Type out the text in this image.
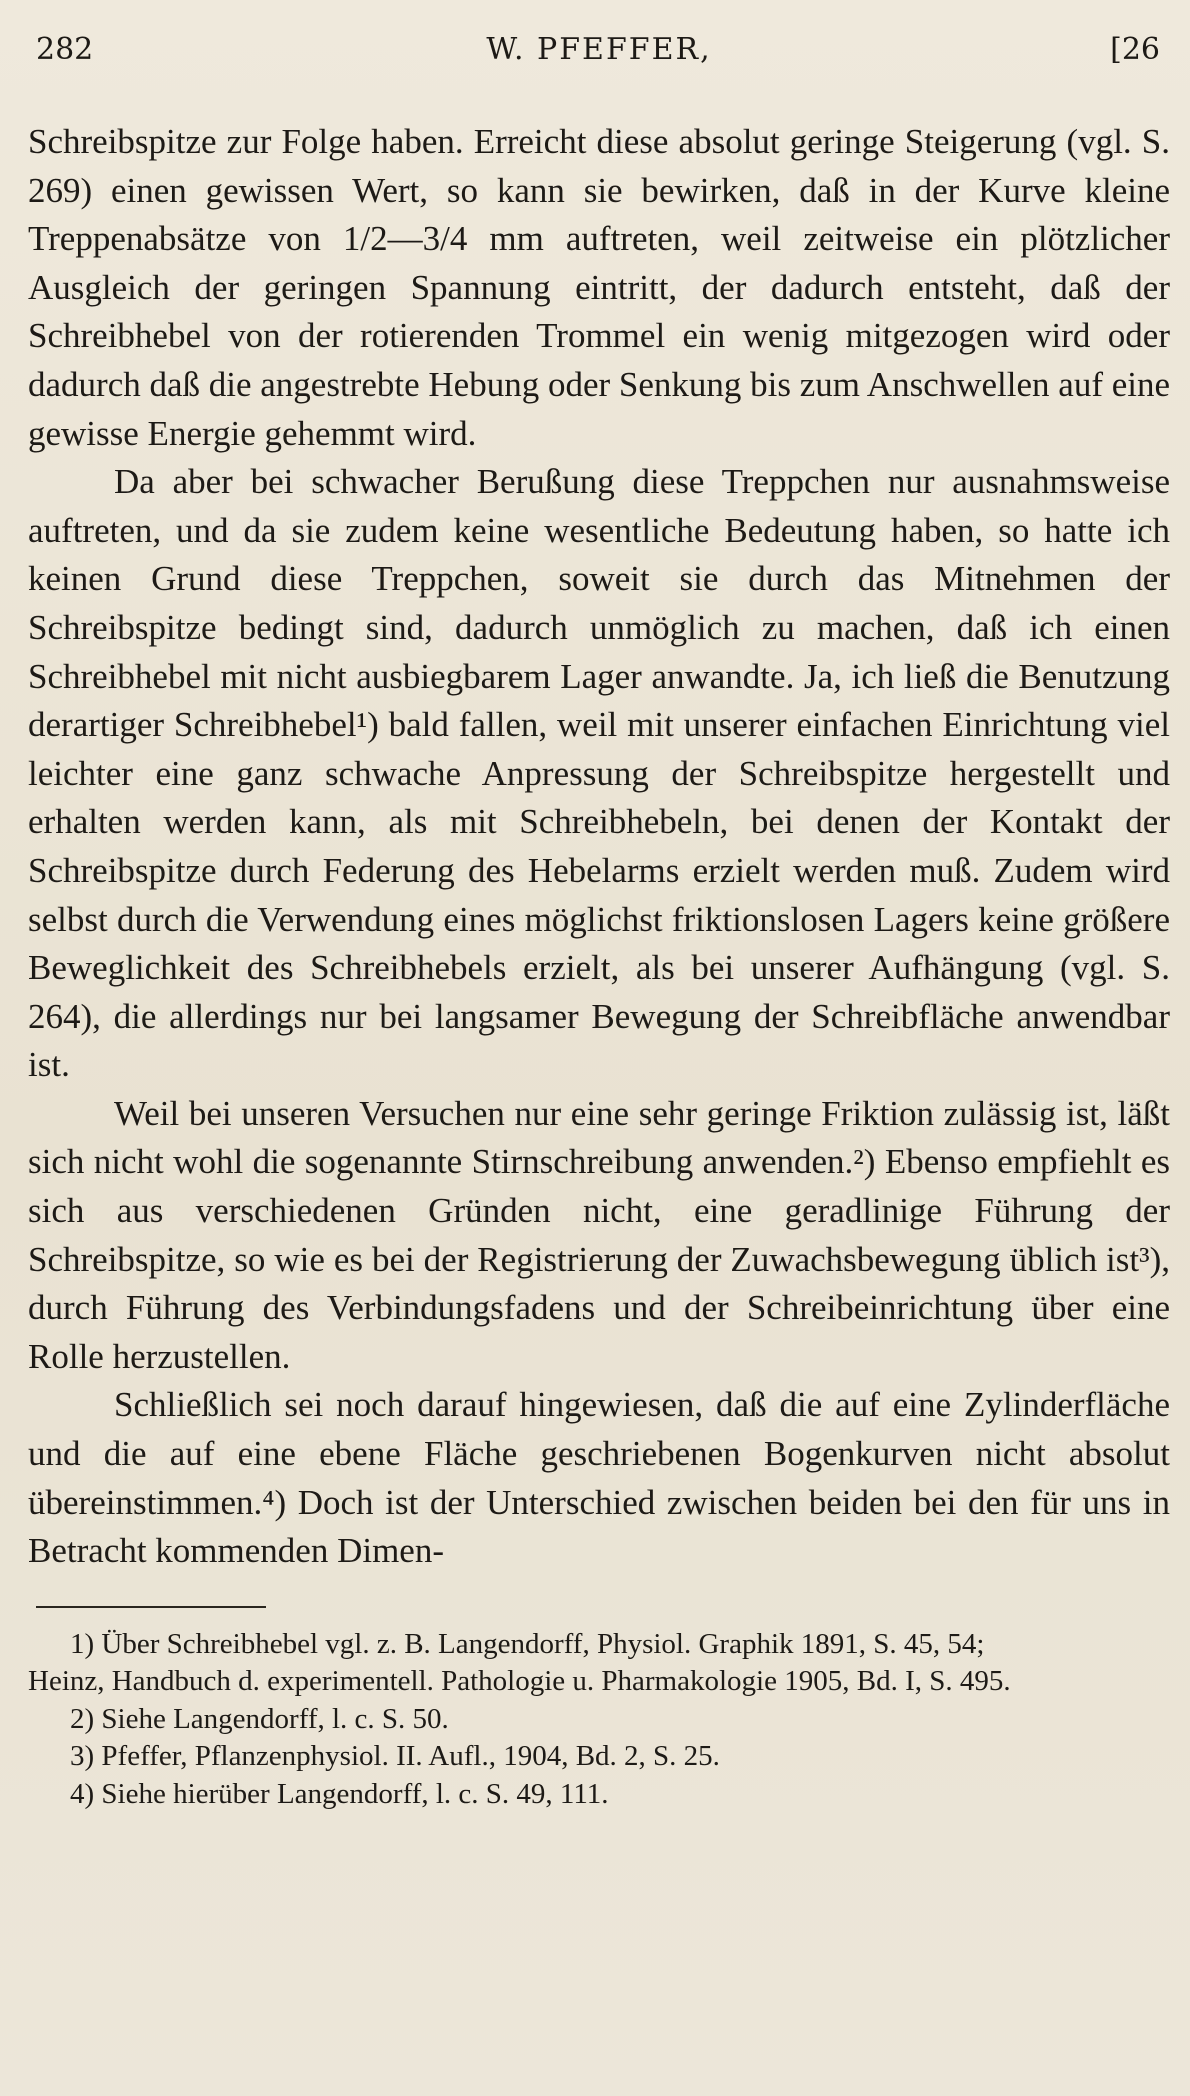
282	W. PFEFFER,	[26

Schreibspitze zur Folge haben. Erreicht diese absolut geringe Steigerung (vgl. S. 269) einen gewissen Wert, so kann sie bewirken, daß in der Kurve kleine Treppenabsätze von 1/2—3/4 mm auftreten, weil zeitweise ein plötzlicher Ausgleich der geringen Spannung eintritt, der dadurch entsteht, daß der Schreibhebel von der rotierenden Trommel ein wenig mitgezogen wird oder dadurch daß die angestrebte Hebung oder Senkung bis zum Anschwellen auf eine gewisse Energie gehemmt wird.

Da aber bei schwacher Berußung diese Treppchen nur ausnahmsweise auftreten, und da sie zudem keine wesentliche Bedeutung haben, so hatte ich keinen Grund diese Treppchen, soweit sie durch das Mitnehmen der Schreibspitze bedingt sind, dadurch unmöglich zu machen, daß ich einen Schreibhebel mit nicht ausbiegbarem Lager anwandte. Ja, ich ließ die Benutzung derartiger Schreibhebel¹) bald fallen, weil mit unserer einfachen Einrichtung viel leichter eine ganz schwache Anpressung der Schreibspitze hergestellt und erhalten werden kann, als mit Schreibhebeln, bei denen der Kontakt der Schreibspitze durch Federung des Hebelarms erzielt werden muß. Zudem wird selbst durch die Verwendung eines möglichst friktionslosen Lagers keine größere Beweglichkeit des Schreibhebels erzielt, als bei unserer Aufhängung (vgl. S. 264), die allerdings nur bei langsamer Bewegung der Schreibfläche anwendbar ist.

Weil bei unseren Versuchen nur eine sehr geringe Friktion zulässig ist, läßt sich nicht wohl die sogenannte Stirnschreibung anwenden.²) Ebenso empfiehlt es sich aus verschiedenen Gründen nicht, eine geradlinige Führung der Schreibspitze, so wie es bei der Registrierung der Zuwachsbewegung üblich ist³), durch Führung des Verbindungsfadens und der Schreibeinrichtung über eine Rolle herzustellen.

Schließlich sei noch darauf hingewiesen, daß die auf eine Zylinderfläche und die auf eine ebene Fläche geschriebenen Bogenkurven nicht absolut übereinstimmen.⁴) Doch ist der Unterschied zwischen beiden bei den für uns in Betracht kommenden Dimen-

1) Über Schreibhebel vgl. z. B. Langendorff, Physiol. Graphik 1891, S. 45, 54;
Heinz, Handbuch d. experimentell. Pathologie u. Pharmakologie 1905, Bd. I, S. 495.
2) Siehe Langendorff, l. c. S. 50.
3) Pfeffer, Pflanzenphysiol. II. Aufl., 1904, Bd. 2, S. 25.
4) Siehe hierüber Langendorff, l. c. S. 49, 111.
